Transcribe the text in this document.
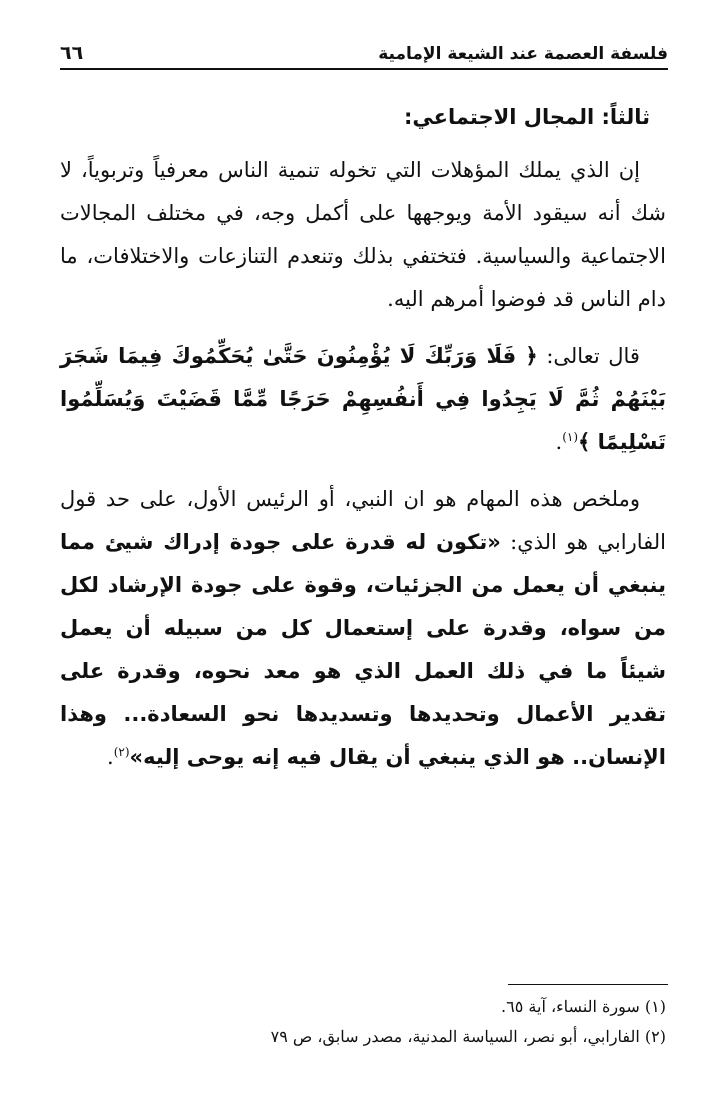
فلسفة العصمة عند الشيعة الإمامية
٦٦
ثالثاً: المجال الاجتماعي:

إن الذي يملك المؤهلات التي تخوله تنمية الناس معرفياً وتربوياً، لا شك أنه سيقود الأمة ويوجهها على أكمل وجه، في مختلف المجالات الاجتماعية والسياسية. فتختفي بذلك وتنعدم التنازعات والاختلافات، ما دام الناس قد فوضوا أمرهم اليه.

قال تعالى: ﴿ فَلَا وَرَبِّكَ لَا يُؤْمِنُونَ حَتَّىٰ يُحَكِّمُوكَ فِيمَا شَجَرَ بَيْنَهُمْ ثُمَّ لَا يَجِدُوا فِي أَنفُسِهِمْ حَرَجًا مِّمَّا قَضَيْتَ وَيُسَلِّمُوا تَسْلِيمًا ﴾$^{(١)}$.

وملخص هذه المهام هو ان النبي، أو الرئيس الأول، على حد قول الفارابي هو الذي: «تكون له قدرة على جودة إدراك شيئ مما ينبغي أن يعمل من الجزئيات، وقوة على جودة الإرشاد لكل من سواه، وقدرة على إستعمال كل من سبيله أن يعمل شيئاً ما في ذلك العمل الذي هو معد نحوه، وقدرة على تقدير الأعمال وتحديدها وتسديدها نحو السعادة... وهذا الإنسان.. هو الذي ينبغي أن يقال فيه إنه يوحى إليه»$^{(٢)}$.

(١) سورة النساء، آية ٦٥.
(٢) الفارابي، أبو نصر، السياسة المدنية، مصدر سابق، ص ٧٩
